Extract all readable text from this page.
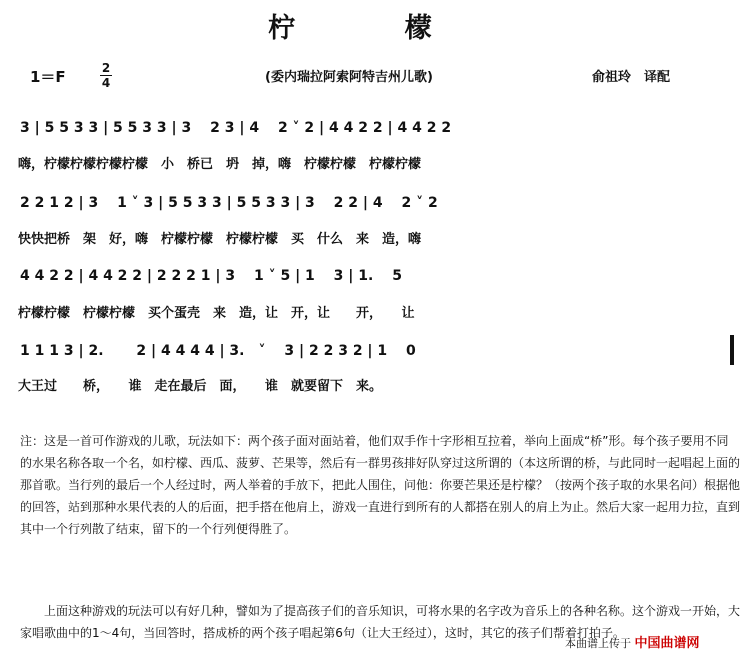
柠 檬
1＝F	2
4	(委内瑞拉阿索阿特吉州儿歌)	俞祖玲　译配
3 | 5 5 3 3 | 5 5 3 3 | 3　 2 3 | 4　 2 ˅ 2 | 4 4 2 2 | 4 4 2 2
嗨，柠檬柠檬柠檬柠檬　小　桥已　坍　掉，嗨　柠檬柠檬　柠檬柠檬
2 2 1 2 | 3　 1 ˅ 3 | 5 5 3 3 | 5 5 3 3 | 3　 2 2 | 4　 2 ˅ 2
快快把桥　架　好，嗨　柠檬柠檬　柠檬柠檬　买　什么　来　造，嗨
4 4 2 2 | 4 4 2 2 | 2 2 2 1 | 3　 1 ˅ 5 | 1　 3 | 1.　 5
柠檬柠檬　柠檬柠檬　买个蛋壳　来　造，让　开，让　　开，　　让
1 1 1 3 | 2.　　 2 | 4 4 4 4 | 3.　˅　 3 | 2 2 3 2 | 1　 0
大王过　　桥，　　谁　走在最后　面，　　谁　就要留下　来。
注：这是一首可作游戏的儿歌，玩法如下：两个孩子面对面站着，他们双手作十字形相互拉着，举向上面成“桥”形。每个孩子要用不同的水果名称各取一个名，如柠檬、西瓜、菠萝、芒果等，然后有一群男孩排好队穿过这所谓的（本这所谓的桥，与此同时一起唱起上面的那首歌。当行列的最后一个人经过时，两人举着的手放下，把此人围住，问他：你要芒果还是柠檬？（按两个孩子取的水果名问）根据他的回答，站到那种水果代表的人的后面，把手搭在他肩上，游戏一直进行到所有的人都搭在别人的肩上为止。然后大家一起用力拉，直到其中一个行列散了结束，留下的一个行列便得胜了。
上面这种游戏的玩法可以有好几种，譬如为了提高孩子们的音乐知识，可将水果的名字改为音乐上的各种名称。这个游戏一开始，大家唱歌曲中的1～4句，当回答时，搭成桥的两个孩子唱起第6句（让大王经过），这时，其它的孩子们帮着打拍子。
本曲谱上传于 中国曲谱网
